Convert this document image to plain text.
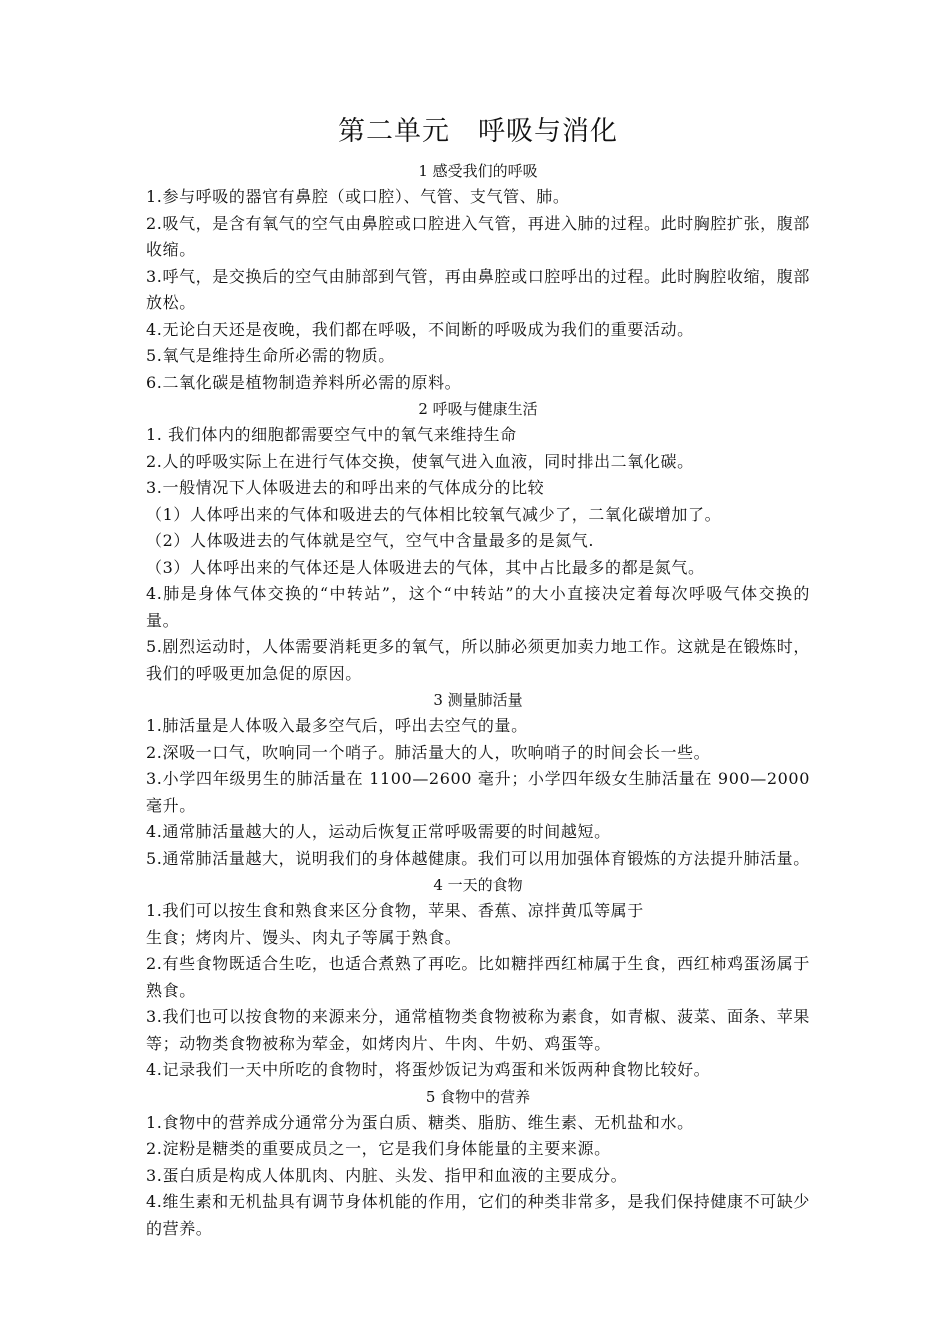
第二单元　呼吸与消化

1 感受我们的呼吸

1.参与呼吸的器官有鼻腔（或口腔）、气管、支气管、肺。

2.吸气，是含有氧气的空气由鼻腔或口腔进入气管，再进入肺的过程。此时胸腔扩张，腹部收缩。

3.呼气，是交换后的空气由肺部到气管，再由鼻腔或口腔呼出的过程。此时胸腔收缩，腹部放松。

4.无论白天还是夜晚，我们都在呼吸，不间断的呼吸成为我们的重要活动。

5.氧气是维持生命所必需的物质。

6.二氧化碳是植物制造养料所必需的原料。

2 呼吸与健康生活

1. 我们体内的细胞都需要空气中的氧气来维持生命

2.人的呼吸实际上在进行气体交换，使氧气进入血液，同时排出二氧化碳。

3.一般情况下人体吸进去的和呼出来的气体成分的比较

（1）人体呼出来的气体和吸进去的气体相比较氧气减少了，二氧化碳增加了。

（2）人体吸进去的气体就是空气，空气中含量最多的是氮气.

（3）人体呼出来的气体还是人体吸进去的气体，其中占比最多的都是氮气。

4.肺是身体气体交换的“中转站”，这个“中转站”的大小直接决定着每次呼吸气体交换的量。

5.剧烈运动时，人体需要消耗更多的氧气，所以肺必须更加卖力地工作。这就是在锻炼时，我们的呼吸更加急促的原因。

3 测量肺活量

1.肺活量是人体吸入最多空气后，呼出去空气的量。

2.深吸一口气，吹响同一个哨子。肺活量大的人，吹响哨子的时间会长一些。

3.小学四年级男生的肺活量在 1100—2600 毫升；小学四年级女生肺活量在 900—2000 毫升。

4.通常肺活量越大的人，运动后恢复正常呼吸需要的时间越短。

5.通常肺活量越大，说明我们的身体越健康。我们可以用加强体育锻炼的方法提升肺活量。

4 一天的食物

1.我们可以按生食和熟食来区分食物，苹果、香蕉、凉拌黄瓜等属于

生食；烤肉片、馒头、肉丸子等属于熟食。

2.有些食物既适合生吃，也适合煮熟了再吃。比如糖拌西红柿属于生食，西红柿鸡蛋汤属于熟食。

3.我们也可以按食物的来源来分，通常植物类食物被称为素食，如青椒、菠菜、面条、苹果等；动物类食物被称为荤金，如烤肉片、牛肉、牛奶、鸡蛋等。

4.记录我们一天中所吃的食物时，将蛋炒饭记为鸡蛋和米饭两种食物比较好。

5 食物中的营养

1.食物中的营养成分通常分为蛋白质、糖类、脂肪、维生素、无机盐和水。

2.淀粉是糖类的重要成员之一，它是我们身体能量的主要来源。

3.蛋白质是构成人体肌肉、内脏、头发、指甲和血液的主要成分。

4.维生素和无机盐具有调节身体机能的作用，它们的种类非常多，是我们保持健康不可缺少的营养。
